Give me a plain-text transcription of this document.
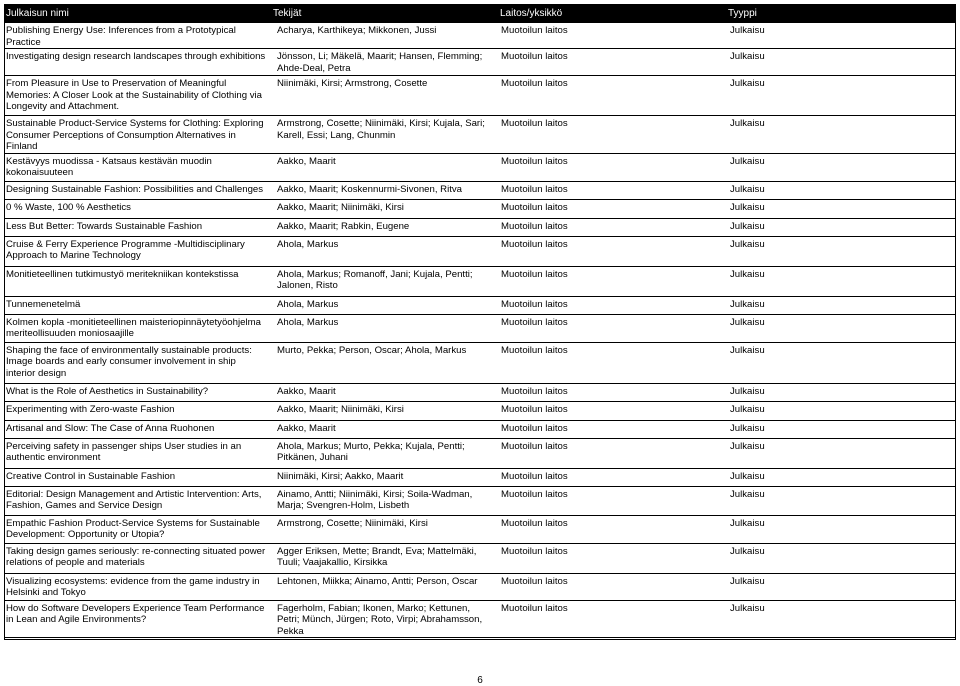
Julkaisun nimi	Tekijät	Laitos/yksikkö	Tyyppi
Publishing Energy Use: Inferences from a Prototypical Practice	Acharya, Karthikeya; Mikkonen, Jussi	Muotoilun laitos	Julkaisu
Investigating design research landscapes through exhibitions	Jönsson, Li; Mäkelä, Maarit; Hansen, Flemming; Ahde-Deal, Petra	Muotoilun laitos	Julkaisu
From Pleasure in Use to Preservation of Meaningful Memories: A Closer Look at the Sustainability of Clothing via Longevity and Attachment.	Niinimäki, Kirsi; Armstrong, Cosette	Muotoilun laitos	Julkaisu
Sustainable Product-Service Systems for Clothing: Exploring Consumer Perceptions of Consumption Alternatives in Finland	Armstrong, Cosette; Niinimäki, Kirsi; Kujala, Sari; Karell, Essi; Lang, Chunmin	Muotoilun laitos	Julkaisu
Kestävyys muodissa - Katsaus kestävän muodin kokonaisuuteen	Aakko, Maarit	Muotoilun laitos	Julkaisu
Designing Sustainable Fashion: Possibilities and Challenges	Aakko, Maarit; Koskennurmi-Sivonen, Ritva	Muotoilun laitos	Julkaisu
0 % Waste, 100 % Aesthetics	Aakko, Maarit; Niinimäki, Kirsi	Muotoilun laitos	Julkaisu
Less But Better: Towards Sustainable Fashion	Aakko, Maarit; Rabkin, Eugene	Muotoilun laitos	Julkaisu
Cruise & Ferry Experience Programme -Multidisciplinary Approach to Marine Technology	Ahola, Markus	Muotoilun laitos	Julkaisu
Monitieteellinen tutkimustyö meritekniikan kontekstissa	Ahola, Markus; Romanoff, Jani; Kujala, Pentti; Jalonen, Risto	Muotoilun laitos	Julkaisu
Tunnemenetelmä	Ahola, Markus	Muotoilun laitos	Julkaisu
Kolmen kopla -monitieteellinen maisteriopinnäytetyöohjelma meriteollisuuden moniosaajille	Ahola, Markus	Muotoilun laitos	Julkaisu
Shaping the face of environmentally sustainable products: Image boards and early consumer involvement in ship interior design	Murto, Pekka; Person, Oscar; Ahola, Markus	Muotoilun laitos	Julkaisu
What is the Role of Aesthetics in Sustainability?	Aakko, Maarit	Muotoilun laitos	Julkaisu
Experimenting with Zero-waste Fashion	Aakko, Maarit; Niinimäki, Kirsi	Muotoilun laitos	Julkaisu
Artisanal and Slow: The Case of Anna Ruohonen	Aakko, Maarit	Muotoilun laitos	Julkaisu
Perceiving safety in passenger ships User studies in an authentic environment	Ahola, Markus; Murto, Pekka; Kujala, Pentti; Pitkänen, Juhani	Muotoilun laitos	Julkaisu
Creative Control in Sustainable Fashion	Niinimäki, Kirsi; Aakko, Maarit	Muotoilun laitos	Julkaisu
Editorial: Design Management and Artistic Intervention: Arts, Fashion, Games and Service Design	Ainamo, Antti; Niinimäki, Kirsi; Soila-Wadman, Marja; Svengren-Holm, Lisbeth	Muotoilun laitos	Julkaisu
Empathic Fashion Product-Service Systems for Sustainable Development: Opportunity or Utopia?	Armstrong, Cosette; Niinimäki, Kirsi	Muotoilun laitos	Julkaisu
Taking design games seriously: re-connecting situated power relations of people and materials	Agger Eriksen, Mette; Brandt, Eva; Mattelmäki, Tuuli; Vaajakallio, Kirsikka	Muotoilun laitos	Julkaisu
Visualizing ecosystems: evidence from the game industry in Helsinki and Tokyo	Lehtonen, Miikka; Ainamo, Antti; Person, Oscar	Muotoilun laitos	Julkaisu
How do Software Developers Experience Team Performance in Lean and Agile Environments?	Fagerholm, Fabian; Ikonen, Marko; Kettunen, Petri; Münch, Jürgen; Roto, Virpi; Abrahamsson, Pekka	Muotoilun laitos	Julkaisu
6
